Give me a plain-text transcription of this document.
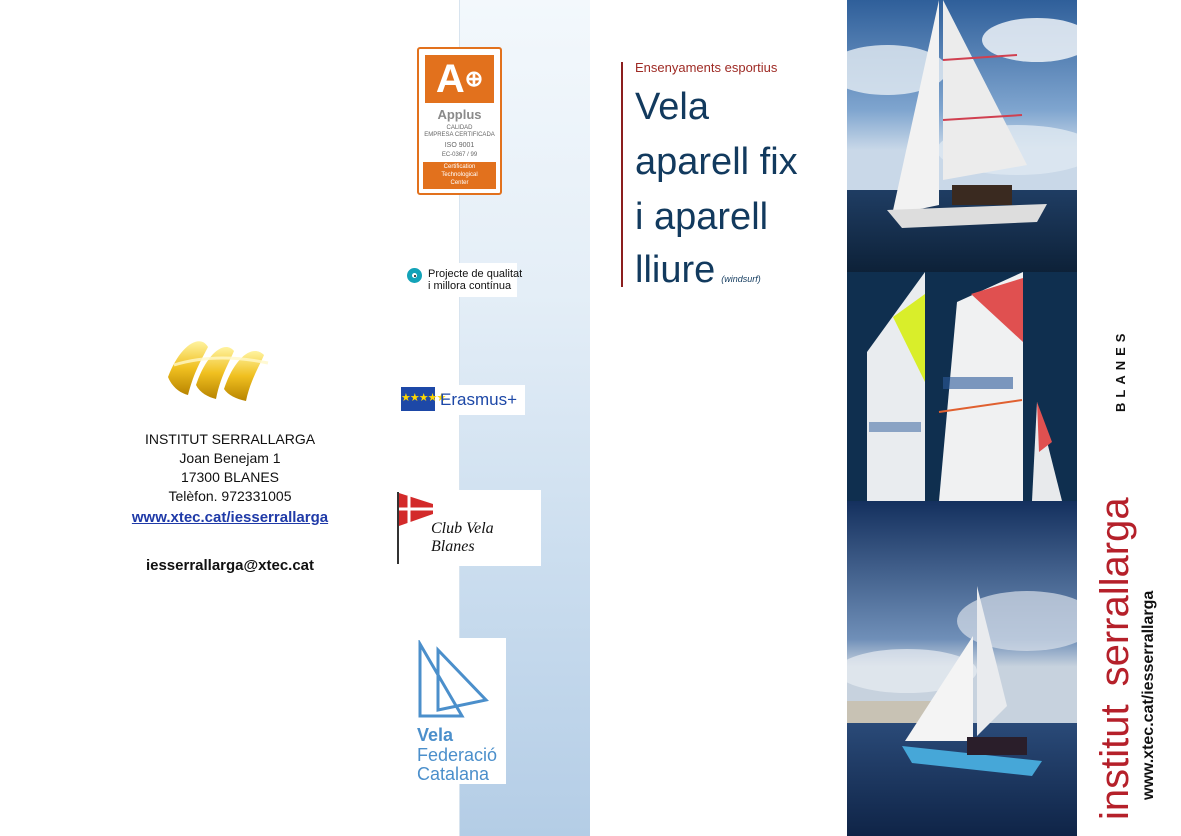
INSTITUT SERRALLARGA
Joan Benejam 1
17300 BLANES
Telèfon. 972331005
www.xtec.cat/iesserrallarga
iesserrallarga@xtec.cat
A⊕
Applus
CALIDAD
EMPRESA CERTIFICADA
ISO 9001
EC-0367 / 99
Certification
Technological
Center
Projecte de qualitat
i millora contínua
★★★★★
Erasmus+
Club Vela Blanes
Vela
Federació
Catalana
Ensenyaments esportius
Vela
aparell fix
i aparell
lliure (windsurf)
institutserrallarga
BLANES
www.xtec.cat/iesserrallarga
